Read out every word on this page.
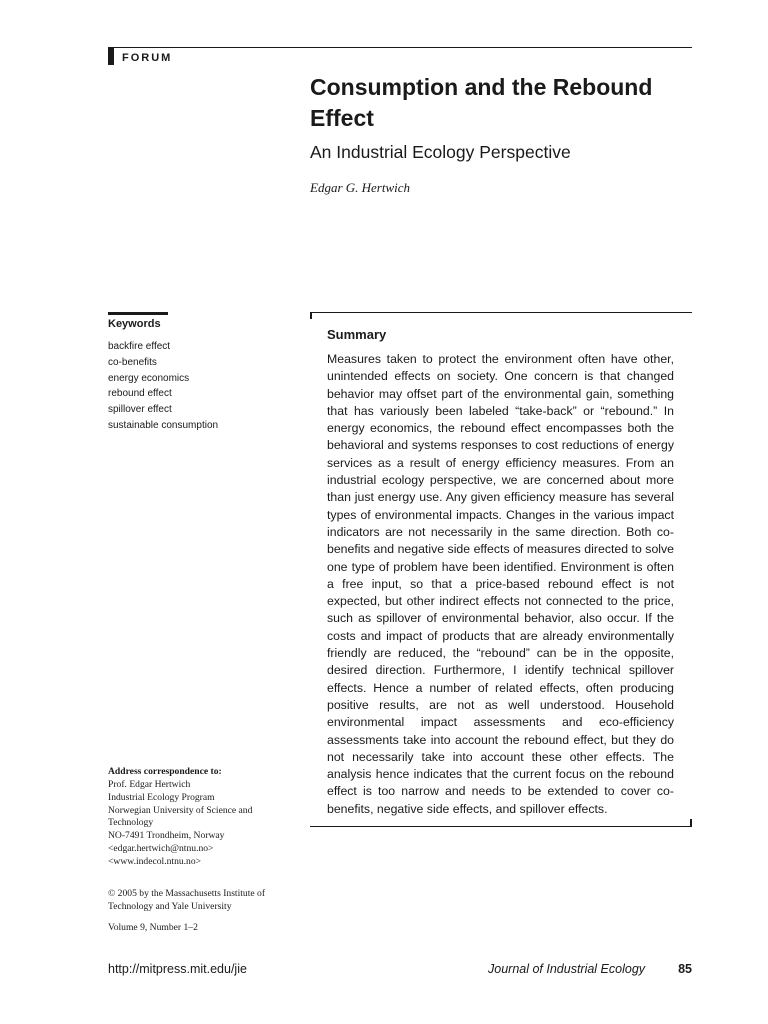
FORUM
Consumption and the Rebound Effect
An Industrial Ecology Perspective
Edgar G. Hertwich
Keywords
backfire effect
co-benefits
energy economics
rebound effect
spillover effect
sustainable consumption
Summary

Measures taken to protect the environment often have other, unintended effects on society. One concern is that changed behavior may offset part of the environmental gain, something that has variously been labeled “take-back” or “rebound.” In energy economics, the rebound effect encompasses both the behavioral and systems responses to cost reductions of energy services as a result of energy efficiency measures. From an industrial ecology perspective, we are concerned about more than just energy use. Any given efficiency measure has several types of environmental impacts. Changes in the various impact indicators are not necessarily in the same direction. Both co-benefits and negative side effects of measures directed to solve one type of problem have been identified. Environment is often a free input, so that a price-based rebound effect is not expected, but other indirect effects not connected to the price, such as spillover of environmental behavior, also occur. If the costs and impact of products that are already environmentally friendly are reduced, the “rebound” can be in the opposite, desired direction. Furthermore, I identify technical spillover effects. Hence a number of related effects, often producing positive results, are not as well understood. Household environmental impact assessments and eco-efficiency assessments take into account the rebound effect, but they do not necessarily take into account these other effects. The analysis hence indicates that the current focus on the rebound effect is too narrow and needs to be extended to cover co-benefits, negative side effects, and spillover effects.

Address correspondence to:
Prof. Edgar Hertwich
Industrial Ecology Program
Norwegian University of Science and
Technology
NO-7491 Trondheim, Norway
<edgar.hertwich@ntnu.no>
<www.indecol.ntnu.no>
© 2005 by the Massachusetts Institute of Technology and Yale University
Volume 9, Number 1–2
http://mitpress.mit.edu/jie	Journal of Industrial Ecology	85
